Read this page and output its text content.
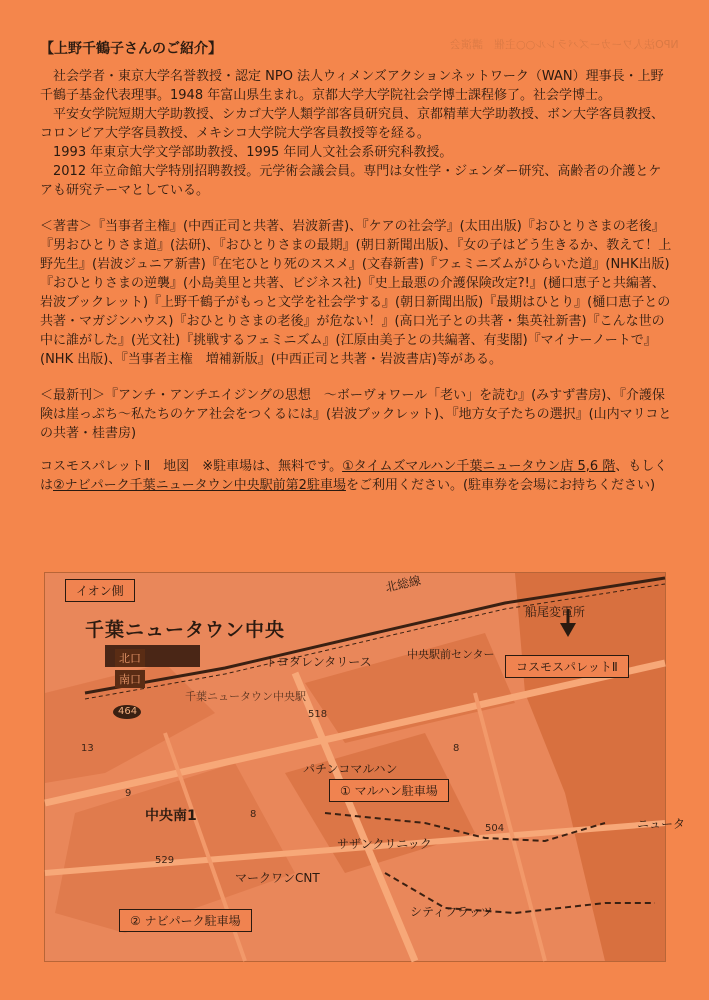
NPO法人ワーカーズパラレル○○主催　講演会

【上野千鶴子さんのご紹介】

社会学者・東京大学名誉教授・認定 NPO 法人ウィメンズアクションネットワーク（WAN）理事長・上野千鶴子基金代表理事。1948 年富山県生まれ。京都大学大学院社会学博士課程修了。社会学博士。

平安女学院短期大学助教授、シカゴ大学人類学部客員研究員、京都精華大学助教授、ボン大学客員教授、コロンビア大学客員教授、メキシコ大学院大学客員教授等を経る。

1993 年東京大学文学部助教授、1995 年同人文社会系研究科教授。

2012 年立命館大学特別招聘教授。元学術会議会員。専門は女性学・ジェンダー研究、高齢者の介護とケアも研究テーマとしている。

＜著書＞『当事者主権』(中西正司と共著、岩波新書)、『ケアの社会学』(太田出版)『おひとりさまの老後』『男おひとりさま道』(法研)、『おひとりさまの最期』(朝日新聞出版)、『女の子はどう生きるか、教えて！上野先生』(岩波ジュニア新書)『在宅ひとり死のススメ』(文春新書)『フェミニズムがひらいた道』(NHK出版)『おひとりさまの逆襲』(小島美里と共著、ビジネス社)『史上最悪の介護保険改定?!』(樋口恵子と共編著、岩波ブックレット)『上野千鶴子がもっと文学を社会学する』(朝日新聞出版)『最期はひとり』(樋口恵子との共著・マガジンハウス)『おひとりさまの老後』が危ない！』(高口光子との共著・集英社新書)『こんな世の中に誰がした』(光文社)『挑戦するフェミニズム』(江原由美子との共編著、有斐閣)『マイナーノートで』(NHK 出版)、『当事者主権　増補新版』(中西正司と共著・岩波書店)等がある。

＜最新刊＞『アンチ・アンチエイジングの思想　～ボーヴォワール「老い」を読む』(みすず書房)、『介護保険は崖っぷち～私たちのケア社会をつくるには』(岩波ブックレット)、『地方女子たちの選択』(山内マリコとの共著・桂書房)

コスモスパレットⅡ　地図　※駐車場は、無料です。①タイムズマルハン千葉ニュータウン店 5,6 階、もしくは②ナビパーク千葉ニュータウン中央駅前第2駐車場をご利用ください。(駐車券を会場にお持ちください)
イオン側	北総線
千葉ニュータウン中央
北口
南口
トヨタレンタリース
船尾変電所
中央駅前センター
コスモスパレットⅡ
千葉ニュータウン中央駅
518
464
パチンコマルハン
① マルハン駐車場
中央南1
サザンクリニック
マークワンCNT
504	ニュータ
シティフラッツ
② ナビパーク駐車場
13
9
8
529
8
